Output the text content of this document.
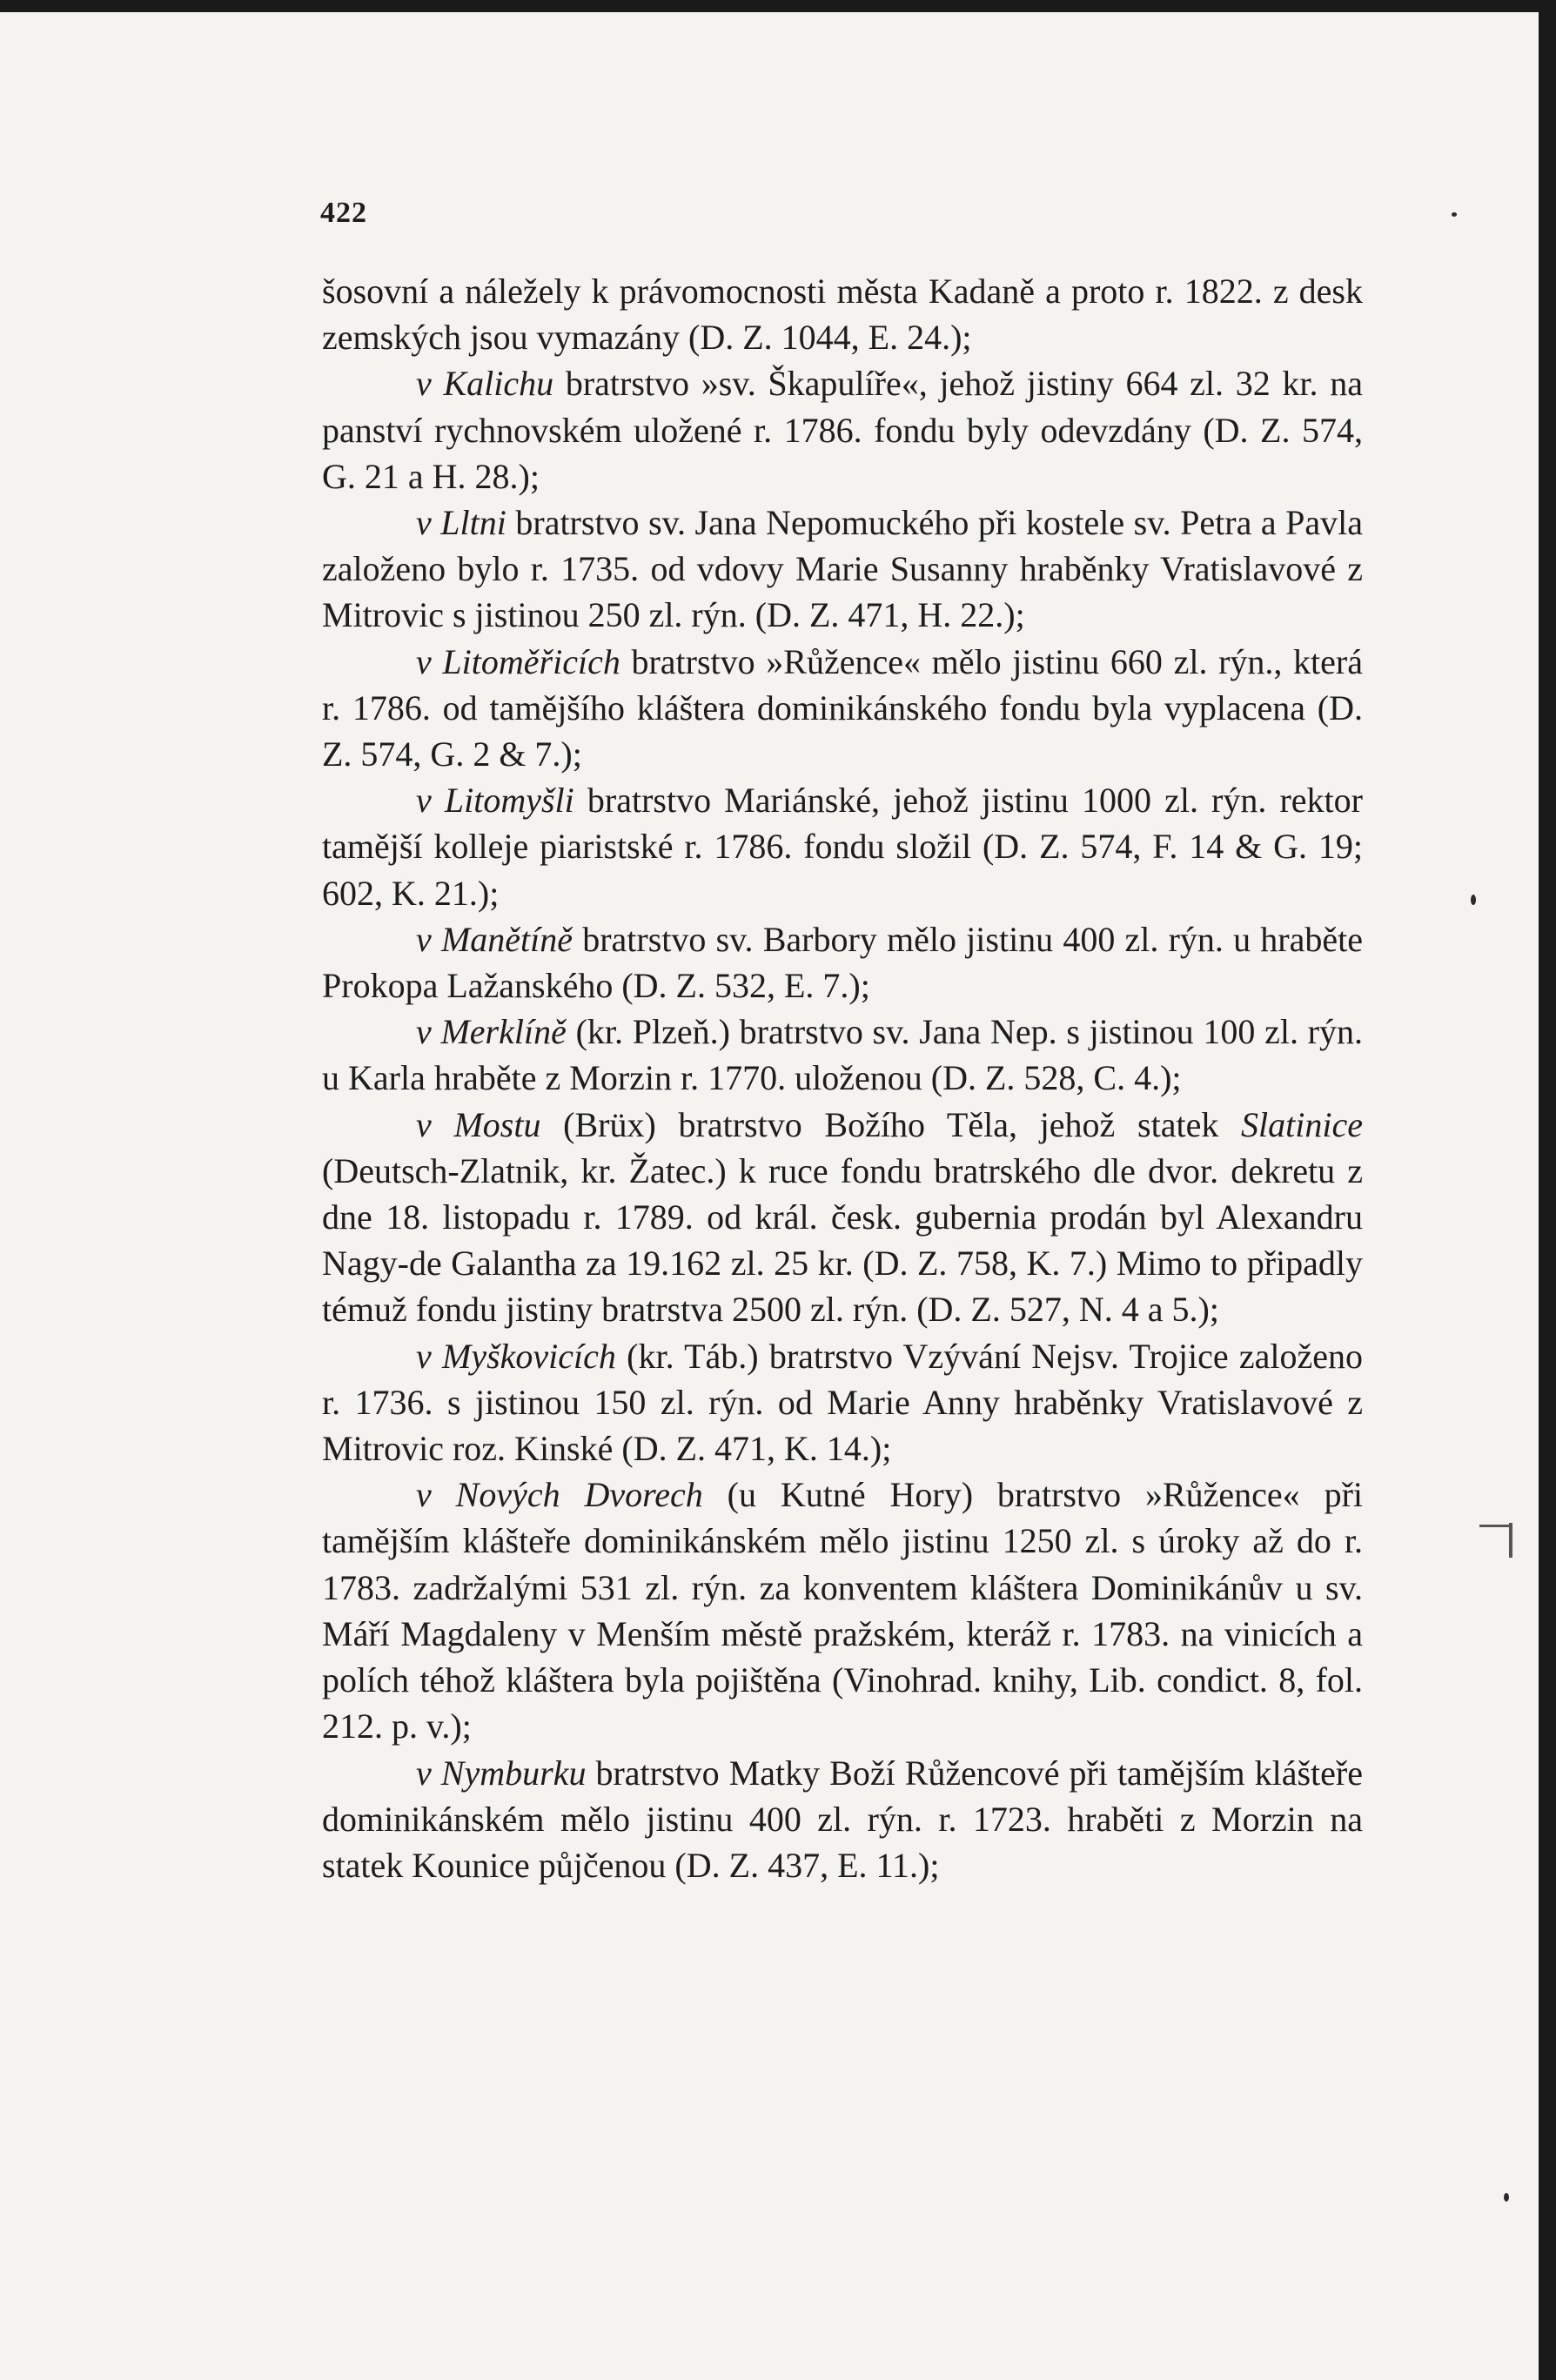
422

šosovní a náležely k právomocnosti města Kadaně a proto r. 1822. z desk zemských jsou vymazány (D. Z. 1044, E. 24.);

v Kalichu bratrstvo »sv. Škapulíře«, jehož jistiny 664 zl. 32 kr. na panství rychnovském uložené r. 1786. fondu byly odevzdány (D. Z. 574, G. 21 a H. 28.);

v Lltni bratrstvo sv. Jana Nepomuckého při kostele sv. Petra a Pavla založeno bylo r. 1735. od vdovy Marie Susanny hraběnky Vratislavové z Mitrovic s jistinou 250 zl. rýn. (D. Z. 471, H. 22.);

v Litoměřicích bratrstvo »Růžence« mělo jistinu 660 zl. rýn., která r. 1786. od tamějšího kláštera dominikánského fondu byla vyplacena (D. Z. 574, G. 2 & 7.);

v Litomyšli bratrstvo Mariánské, jehož jistinu 1000 zl. rýn. rektor tamější kolleje piaristské r. 1786. fondu složil (D. Z. 574, F. 14 & G. 19; 602, K. 21.);

v Manětíně bratrstvo sv. Barbory mělo jistinu 400 zl. rýn. u hraběte Prokopa Lažanského (D. Z. 532, E. 7.);

v Merklíně (kr. Plzeň.) bratrstvo sv. Jana Nep. s jistinou 100 zl. rýn. u Karla hraběte z Morzin r. 1770. uloženou (D. Z. 528, C. 4.);

v Mostu (Brüx) bratrstvo Božího Těla, jehož statek Slatinice (Deutsch-Zlatnik, kr. Žatec.) k ruce fondu bratrského dle dvor. dekretu z dne 18. listopadu r. 1789. od král. česk. gubernia prodán byl Alexandru Nagy-de Galantha za 19.162 zl. 25 kr. (D. Z. 758, K. 7.) Mimo to připadly témuž fondu jistiny bratrstva 2500 zl. rýn. (D. Z. 527, N. 4 a 5.);

v Myškovicích (kr. Táb.) bratrstvo Vzývání Nejsv. Trojice založeno r. 1736. s jistinou 150 zl. rýn. od Marie Anny hraběnky Vratislavové z Mitrovic roz. Kinské (D. Z. 471, K. 14.);

v Nových Dvorech (u Kutné Hory) bratrstvo »Růžence« při tamějším klášteře dominikánském mělo jistinu 1250 zl. s úroky až do r. 1783. zadržalými 531 zl. rýn. za konventem kláštera Dominikánův u sv. Máří Magdaleny v Menším městě pražském, kteráž r. 1783. na vinicích a polích téhož kláštera byla pojištěna (Vinohrad. knihy, Lib. condict. 8, fol. 212. p. v.);

v Nymburku bratrstvo Matky Boží Růžencové při tamějším klášteře dominikánském mělo jistinu 400 zl. rýn. r. 1723. hraběti z Morzin na statek Kounice půjčenou (D. Z. 437, E. 11.);
